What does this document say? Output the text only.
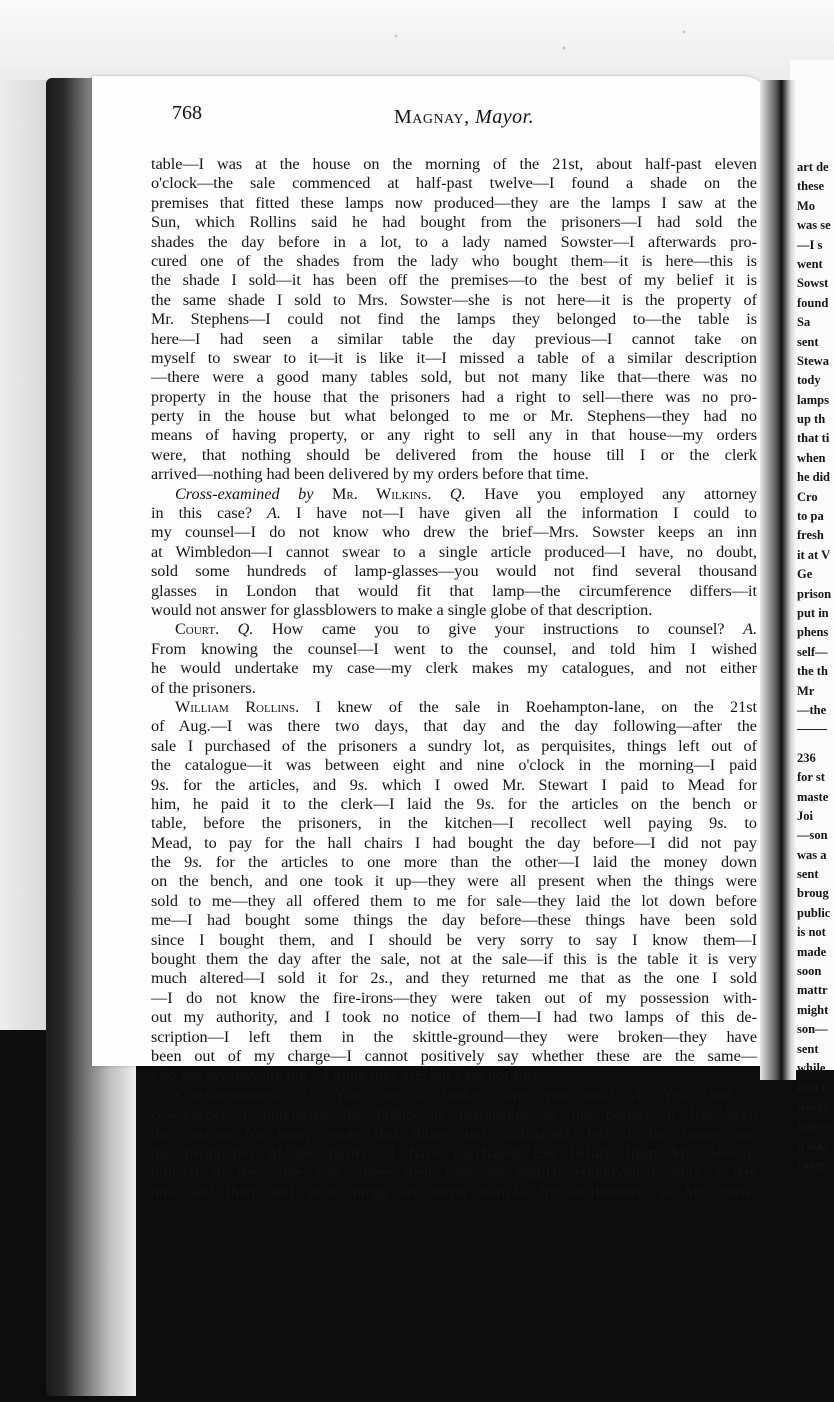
768	Magnay, Mayor.
table—I was at the house on the morning of the 21st, about half-past eleven
o'clock—the sale commenced at half-past twelve—I found a shade on the
premises that fitted these lamps now produced—they are the lamps I saw at the
Sun, which Rollins said he had bought from the prisoners—I had sold the
shades the day before in a lot, to a lady named Sowster—I afterwards pro-
cured one of the shades from the lady who bought them—it is here—this is
the shade I sold—it has been off the premises—to the best of my belief it is
the same shade I sold to Mrs. Sowster—she is not here—it is the property of
Mr. Stephens—I could not find the lamps they belonged to—the table is
here—I had seen a similar table the day previous—I cannot take on
myself to swear to it—it is like it—I missed a table of a similar description
—there were a good many tables sold, but not many like that—there was no
property in the house that the prisoners had a right to sell—there was no pro-
perty in the house but what belonged to me or Mr. Stephens—they had no
means of having property, or any right to sell any in that house—my orders
were, that nothing should be delivered from the house till I or the clerk
arrived—nothing had been delivered by my orders before that time.
Cross-examined by Mr. Wilkins. Q. Have you employed any attorney
in this case? A. I have not—I have given all the information I could to
my counsel—I do not know who drew the brief—Mrs. Sowster keeps an inn
at Wimbledon—I cannot swear to a single article produced—I have, no doubt,
sold some hundreds of lamp-glasses—you would not find several thousand
glasses in London that would fit that lamp—the circumference differs—it
would not answer for glassblowers to make a single globe of that description.
Court. Q. How came you to give your instructions to counsel? A.
From knowing the counsel—I went to the counsel, and told him I wished
he would undertake my case—my clerk makes my catalogues, and not either
of the prisoners.
William Rollins. I knew of the sale in Roehampton-lane, on the 21st
of Aug.—I was there two days, that day and the day following—after the
sale I purchased of the prisoners a sundry lot, as perquisites, things left out of
the catalogue—it was between eight and nine o'clock in the morning—I paid
9s. for the articles, and 9s. which I owed Mr. Stewart I paid to Mead for
him, he paid it to the clerk—I laid the 9s. for the articles on the bench or
table, before the prisoners, in the kitchen—I recollect well paying 9s. to
Mead, to pay for the hall chairs I had bought the day before—I did not pay
the 9s. for the articles to one more than the other—I laid the money down
on the bench, and one took it up—they were all present when the things were
sold to me—they all offered them to me for sale—they laid the lot down before
me—I had bought some things the day before—these things have been sold
since I bought them, and I should be very sorry to say I know them—I
bought them the day after the sale, not at the sale—if this is the table it is very
much altered—I sold it for 2s., and they returned me that as the one I sold
—I do not know the fire-irons—they were taken out of my possession with-
out my authority, and I took no notice of them—I had two lamps of this de-
scription—I left them in the skittle-ground—they were broken—they have
been out of my charge—I cannot positively say whether these are the same—
I do not say they are not—I think they are, but I am not sure.
Cross-examined. Q. You are a broker, are you not? A. Yes, and a
cow-keeper—I purchased the things as perquisites of the porters—it has been
the custom for many years that things not catalogued, left in the house, are
the perquisites of the porters—I have purchased lots before from Mr. Stewart
himself in the same way—these men have no regular employment, only a day
now and then, and such things are never noticed by auctioneers, as Mr. Stew-
art de
these
Mo
was se
—I s
went
Sowst
found
Sa
sent
Stewa
tody
lamps
up th
that ti
when
he did
Cro
to pa
fresh
it at V
Ge
prison
put in
phens
self—
the th
Mr
—the
236
for st
maste
Joi
—son
was a
sent
broug
public
is not
made
soon
mattr
might
son—
sent
while
into t
wheth
fore—
it was
room.
